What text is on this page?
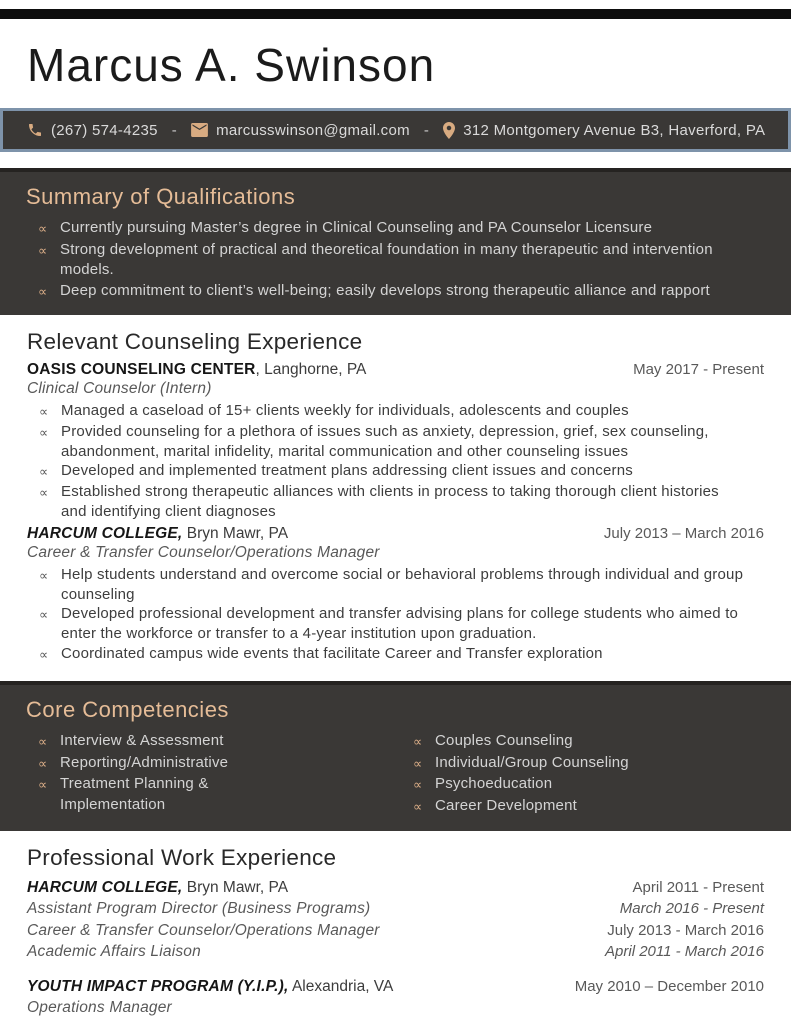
Marcus A. Swinson
(267) 574-4235 -	marcusswinson@gmail.com - 312 Montgomery Avenue B3, Haverford, PA
Summary of Qualifications
∝ Currently pursuing Master’s degree in Clinical Counseling and PA Counselor Licensure
∝ Strong development of practical and theoretical foundation in many therapeutic and intervention models.
∝ Deep commitment to client’s well-being; easily develops strong therapeutic alliance and rapport
Relevant Counseling Experience
OASIS COUNSELING CENTER, Langhorne, PA	May 2017 - Present
Clinical Counselor (Intern)
∝ Managed a caseload of 15+ clients weekly for individuals, adolescents and couples
∝ Provided counseling for a plethora of issues such as anxiety, depression, grief, sex counseling, abandonment, marital infidelity, marital communication and other counseling issues
∝ Developed and implemented treatment plans addressing client issues and concerns
∝ Established strong therapeutic alliances with clients in process to taking thorough client histories and identifying client diagnoses
HARCUM COLLEGE, Bryn Mawr, PA	July 2013 – March 2016
Career & Transfer Counselor/Operations Manager
∝ Help students understand and overcome social or behavioral problems through individual and group counseling
∝ Developed professional development and transfer advising plans for college students who aimed to enter the workforce or transfer to a 4-year institution upon graduation.
∝ Coordinated campus wide events that facilitate Career and Transfer exploration
Core Competencies
∝ Interview & Assessment
∝ Reporting/Administrative
∝ Treatment Planning & Implementation
∝ Couples Counseling
∝ Individual/Group Counseling
∝ Psychoeducation
∝ Career Development
Professional Work Experience
HARCUM COLLEGE, Bryn Mawr, PA	April 2011 - Present
Assistant Program Director (Business Programs)	March 2016 - Present
Career & Transfer Counselor/Operations Manager	July 2013 - March 2016
Academic Affairs Liaison	April 2011 - March 2016
YOUTH IMPACT PROGRAM (Y.I.P.), Alexandria, VA	May 2010 – December 2010
Operations Manager
